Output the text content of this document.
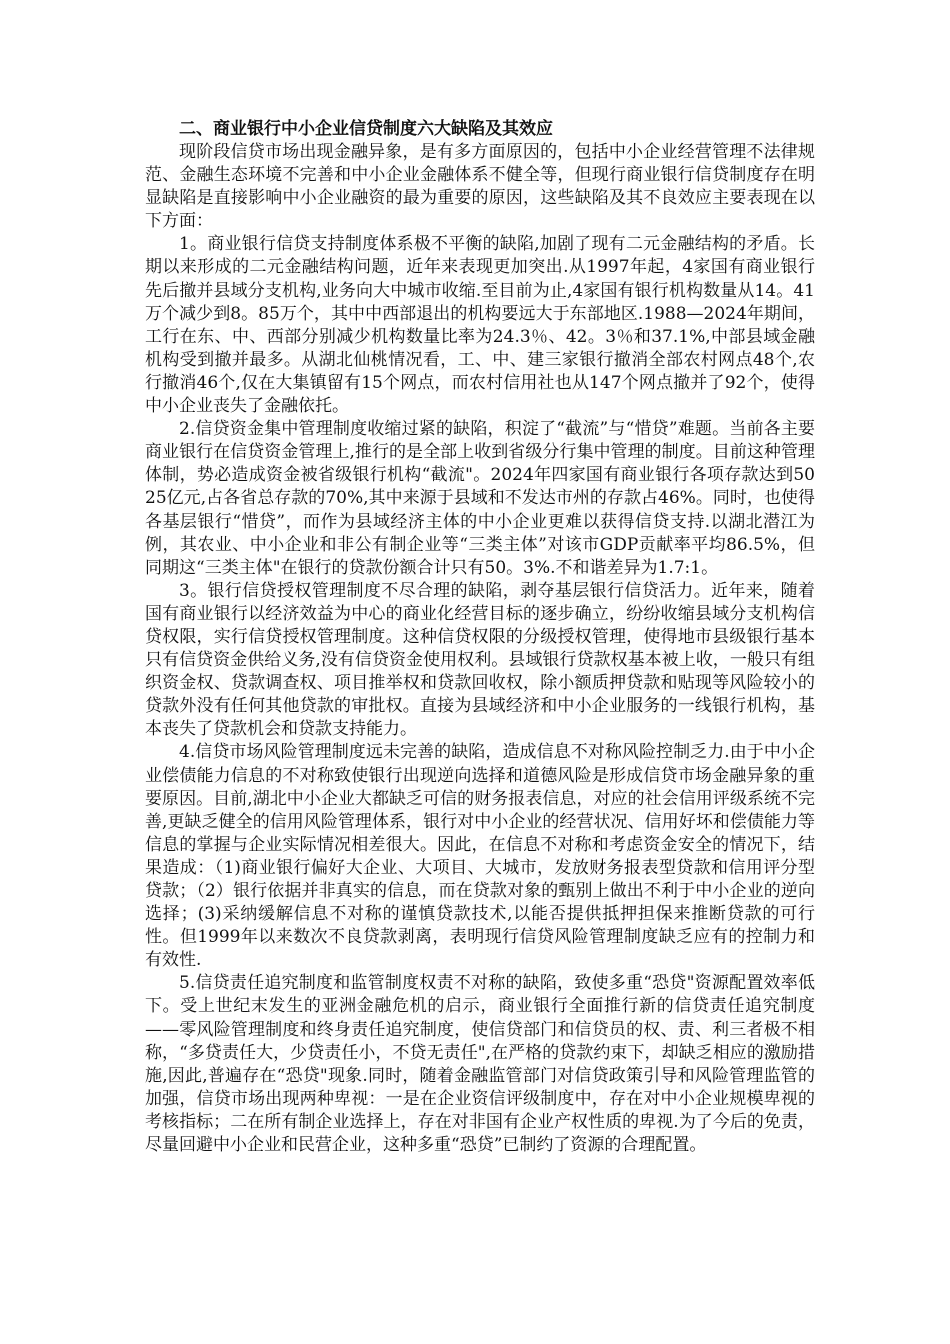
二、商业银行中小企业信贷制度六大缺陷及其效应

现阶段信贷市场出现金融异象，是有多方面原因的，包括中小企业经营管理不法律规范、金融生态环境不完善和中小企业金融体系不健全等，但现行商业银行信贷制度存在明显缺陷是直接影响中小企业融资的最为重要的原因，这些缺陷及其不良效应主要表现在以下方面：

1。商业银行信贷支持制度体系极不平衡的缺陷,加剧了现有二元金融结构的矛盾。长期以来形成的二元金融结构问题，近年来表现更加突出.从1997年起，4家国有商业银行先后撤并县域分支机构,业务向大中城市收缩.至目前为止,4家国有银行机构数量从14。41万个减少到8。85万个，其中中西部退出的机构要远大于东部地区.1988—2024年期间，工行在东、中、西部分别减少机构数量比率为24.3％、42。3％和37.1%,中部县域金融机构受到撤并最多。从湖北仙桃情况看，工、中、建三家银行撤消全部农村网点48个,农行撤消46个,仅在大集镇留有15个网点，而农村信用社也从147个网点撤并了92个，使得中小企业丧失了金融依托。

2.信贷资金集中管理制度收缩过紧的缺陷，积淀了“截流”与“惜贷”难题。当前各主要商业银行在信贷资金管理上,推行的是全部上收到省级分行集中管理的制度。目前这种管理体制，势必造成资金被省级银行机构“截流"。2024年四家国有商业银行各项存款达到5025亿元,占各省总存款的70%,其中来源于县域和不发达市州的存款占46%。同时，也使得各基层银行“惜贷”，而作为县域经济主体的中小企业更难以获得信贷支持.以湖北潜江为例，其农业、中小企业和非公有制企业等“三类主体”对该市GDP贡献率平均86.5%，但同期这“三类主体"在银行的贷款份额合计只有50。3%.不和谐差异为1.7:1。

3。银行信贷授权管理制度不尽合理的缺陷，剥夺基层银行信贷活力。近年来，随着国有商业银行以经济效益为中心的商业化经营目标的逐步确立，纷纷收缩县域分支机构信贷权限，实行信贷授权管理制度。这种信贷权限的分级授权管理，使得地市县级银行基本只有信贷资金供给义务,没有信贷资金使用权利。县域银行贷款权基本被上收，一般只有组织资金权、贷款调查权、项目推举权和贷款回收权，除小额质押贷款和贴现等风险较小的贷款外没有任何其他贷款的审批权。直接为县域经济和中小企业服务的一线银行机构，基本丧失了贷款机会和贷款支持能力。

4.信贷市场风险管理制度远未完善的缺陷，造成信息不对称风险控制乏力.由于中小企业偿债能力信息的不对称致使银行出现逆向选择和道德风险是形成信贷市场金融异象的重要原因。目前,湖北中小企业大都缺乏可信的财务报表信息，对应的社会信用评级系统不完善,更缺乏健全的信用风险管理体系，银行对中小企业的经营状况、信用好坏和偿债能力等信息的掌握与企业实际情况相差很大。因此，在信息不对称和考虑资金安全的情况下，结果造成：（1)商业银行偏好大企业、大项目、大城市，发放财务报表型贷款和信用评分型贷款；（2）银行依据并非真实的信息，而在贷款对象的甄别上做出不利于中小企业的逆向选择；(3)采纳缓解信息不对称的谨慎贷款技术,以能否提供抵押担保来推断贷款的可行性。但1999年以来数次不良贷款剥离，表明现行信贷风险管理制度缺乏应有的控制力和有效性.

5.信贷责任追究制度和监管制度权责不对称的缺陷，致使多重“恐贷"资源配置效率低下。受上世纪末发生的亚洲金融危机的启示，商业银行全面推行新的信贷责任追究制度——零风险管理制度和终身责任追究制度，使信贷部门和信贷员的权、责、利三者极不相称，“多贷责任大，少贷责任小，不贷无责任",在严格的贷款约束下，却缺乏相应的激励措施,因此,普遍存在“恐贷"现象.同时，随着金融监管部门对信贷政策引导和风险管理监管的加强，信贷市场出现两种卑视：一是在企业资信评级制度中，存在对中小企业规模卑视的考核指标；二在所有制企业选择上，存在对非国有企业产权性质的卑视.为了今后的免责，尽量回避中小企业和民营企业，这种多重“恐贷”已制约了资源的合理配置。
